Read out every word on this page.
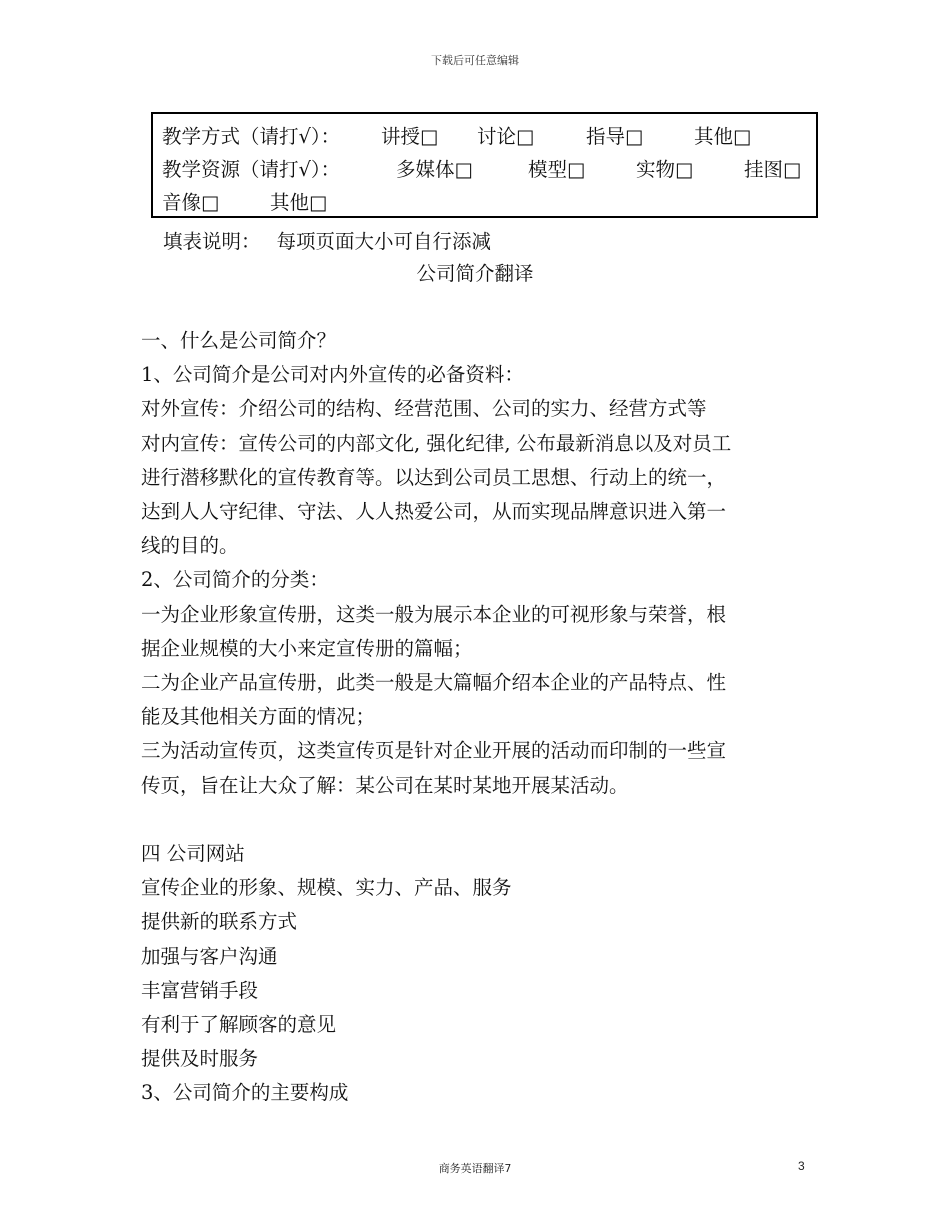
下载后可任意编辑
教学方式（请打√）： 讲授□ 讨论□	指导□	其他□
教学资源（请打√）：	多媒体□	模型□	实物□	挂图□
音像□	其他□
填表说明： 每项页面大小可自行添减
公司简介翻译
一、什么是公司简介？
1、公司简介是公司对内外宣传的必备资料：
对外宣传：介绍公司的结构、经营范围、公司的实力、经营方式等
对内宣传：宣传公司的内部文化, 强化纪律, 公布最新消息以及对员工
进行潜移默化的宣传教育等。以达到公司员工思想、行动上的统一，
达到人人守纪律、守法、人人热爱公司，从而实现品牌意识进入第一
线的目的。
2、公司简介的分类：
一为企业形象宣传册，这类一般为展示本企业的可视形象与荣誉，根
据企业规模的大小来定宣传册的篇幅；
二为企业产品宣传册，此类一般是大篇幅介绍本企业的产品特点、性
能及其他相关方面的情况；
三为活动宣传页，这类宣传页是针对企业开展的活动而印制的一些宣
传页，旨在让大众了解：某公司在某时某地开展某活动。
四 公司网站
宣传企业的形象、规模、实力、产品、服务
提供新的联系方式
加强与客户沟通
丰富营销手段
有利于了解顾客的意见
提供及时服务
3、公司简介的主要构成
商务英语翻译7	3
